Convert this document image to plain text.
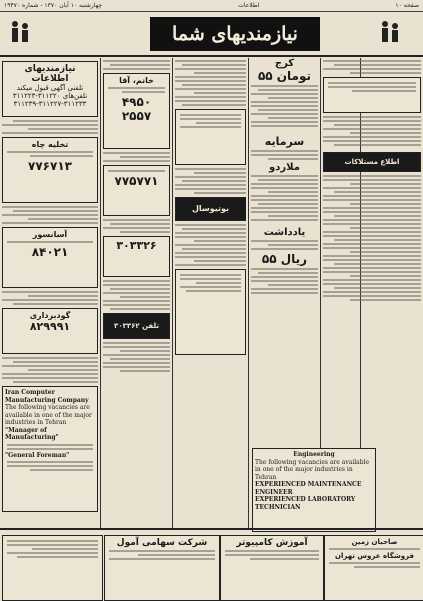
صفحه ۱۰
اطلاعات
چهارشنبه ۱۰ آبان ۱۳۷۰ - شماره ۱۹۴۷۰
نیازمندیهای شما
نیازمندیهای اطلاعات
تلفنی آگهی قبول میکند
تلفن‌های ۳۱۱۲۲۰-۳۱۱۲۲۳
۳۱۱۲۳۹-۳۱۱۲۲۷-۳۱۱۲۳۳
تخلیه چاه
۷۷۶۷۱۳
آسانسور
۸۴۰۲۱
گودبرداری
۸۲۹۹۹۱
Iran Computer Manufacturing Company
The following vacancies are available in one of the major industries in Tehran
"Manager of Manufacturing"
"General Foreman"
خانم، آقا
۴۹۵۰
۲۵۵۷
۷۷۵۷۷۱
۳۰۳۳۲۶
تلفن ۳۰۳۳۶۲
بوتیوسال
کرج
۵۵ تومان
سرمایه
ملاردو
یادداشت
۵۵ ریال
اطلاع مستلاکات
Engineering
The following vacancies are available in one of the major industries in Tehran
EXPERIENCED MAINTENANCE ENGINEER
EXPERIENCED LABORATORY TECHNICIAN
شرکت سهامی آمول	آموزش کامپیوتر	صاحبان زمین
فروشگاه عروس تهران
